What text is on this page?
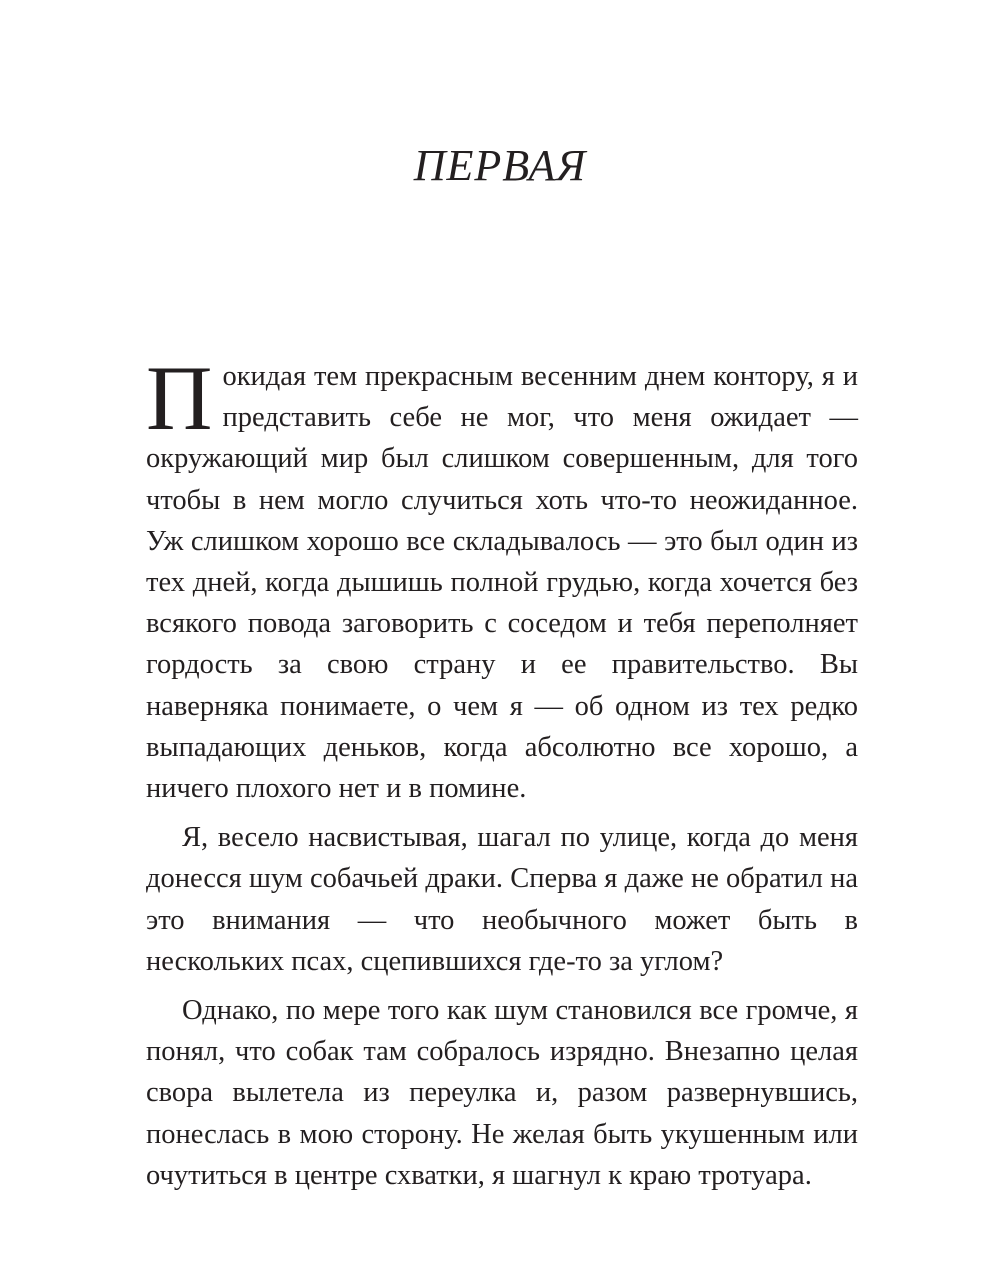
ПЕРВАЯ

Покидая тем прекрасным весенним днем контору, я и представить себе не мог, что меня ожидает — окружающий мир был слишком совершенным, для того чтобы в нем могло случиться хоть что-то неожиданное. Уж слишком хорошо все складывалось — это был один из тех дней, когда дышишь полной грудью, когда хочется без всякого повода заговорить с соседом и тебя переполняет гордость за свою страну и ее правительство. Вы наверняка понимаете, о чем я — об одном из тех редко выпадающих деньков, когда абсолютно все хорошо, а ничего плохого нет и в помине.

Я, весело насвистывая, шагал по улице, когда до меня донесся шум собачьей драки. Сперва я даже не обратил на это внимания — что необычного может быть в нескольких псах, сцепившихся где-то за углом?

Однако, по мере того как шум становился все громче, я понял, что собак там собралось изрядно. Внезапно целая свора вылетела из переулка и, разом развернувшись, понеслась в мою сторону. Не желая быть укушенным или очутиться в центре схватки, я шагнул к краю тротуара.
